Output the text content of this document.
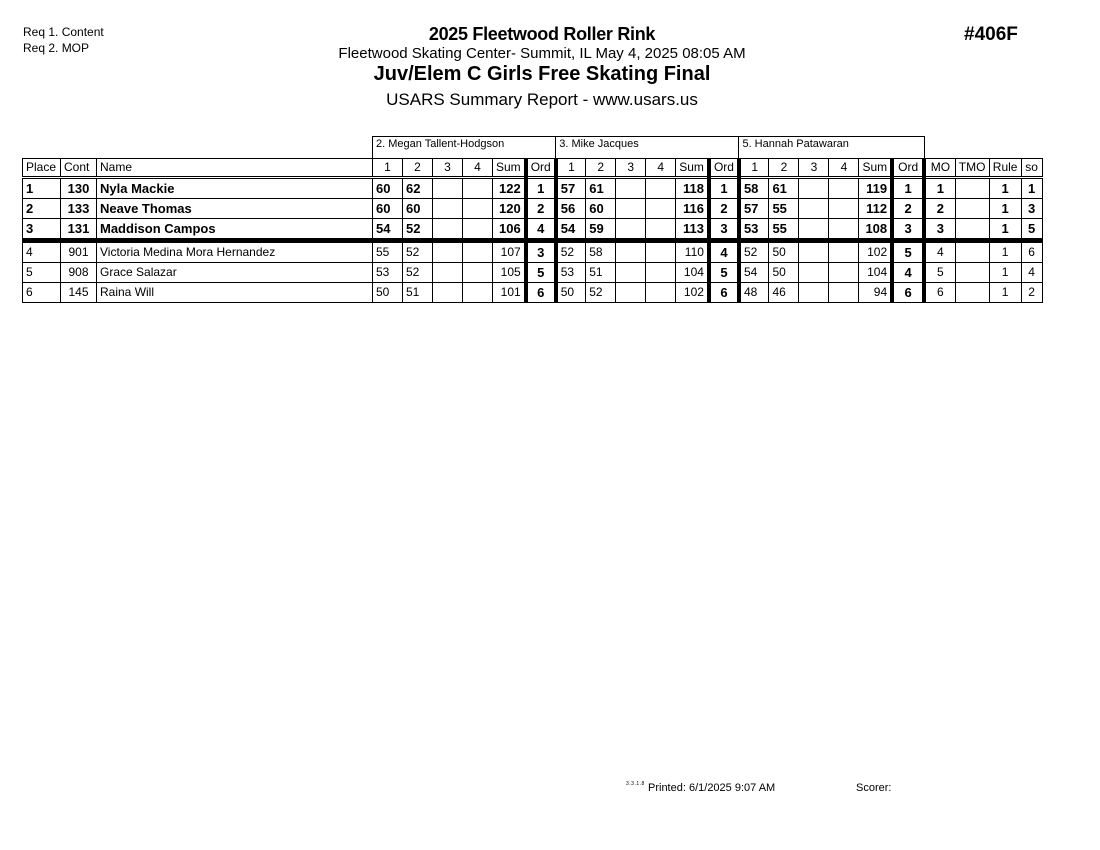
Req 1. Content
Req 2. MOP
2025 Fleetwood Roller Rink
Fleetwood Skating Center- Summit, IL May 4, 2025 08:05 AM
Juv/Elem C Girls Free Skating Final
USARS Summary Report - www.usars.us
#406F
			2. Megan Tallent-Hodgson						3. Mike Jacques						5. Hannah Patawaran									
Place	Cont	Name	1	2	3	4	Sum	Ord	1	2	3	4	Sum	Ord	1	2	3	4	Sum	Ord	MO	TMO	Rule	so
1	130	Nyla Mackie	60	62			122	1	57	61			118	1	58	61			119	1	1		1	1
2	133	Neave Thomas	60	60			120	2	56	60			116	2	57	55			112	2	2		1	3
3	131	Maddison Campos	54	52			106	4	54	59			113	3	53	55			108	3	3		1	5
4	901	Victoria Medina Mora Hernandez	55	52			107	3	52	58			110	4	52	50			102	5	4		1	6
5	908	Grace Salazar	53	52			105	5	53	51			104	5	54	50			104	4	5		1	4
6	145	Raina Will	50	51			101	6	50	52			102	6	48	46			94	6	6		1	2
3.3.1.8 Printed: 6/1/2025 9:07 AM	Scorer:
